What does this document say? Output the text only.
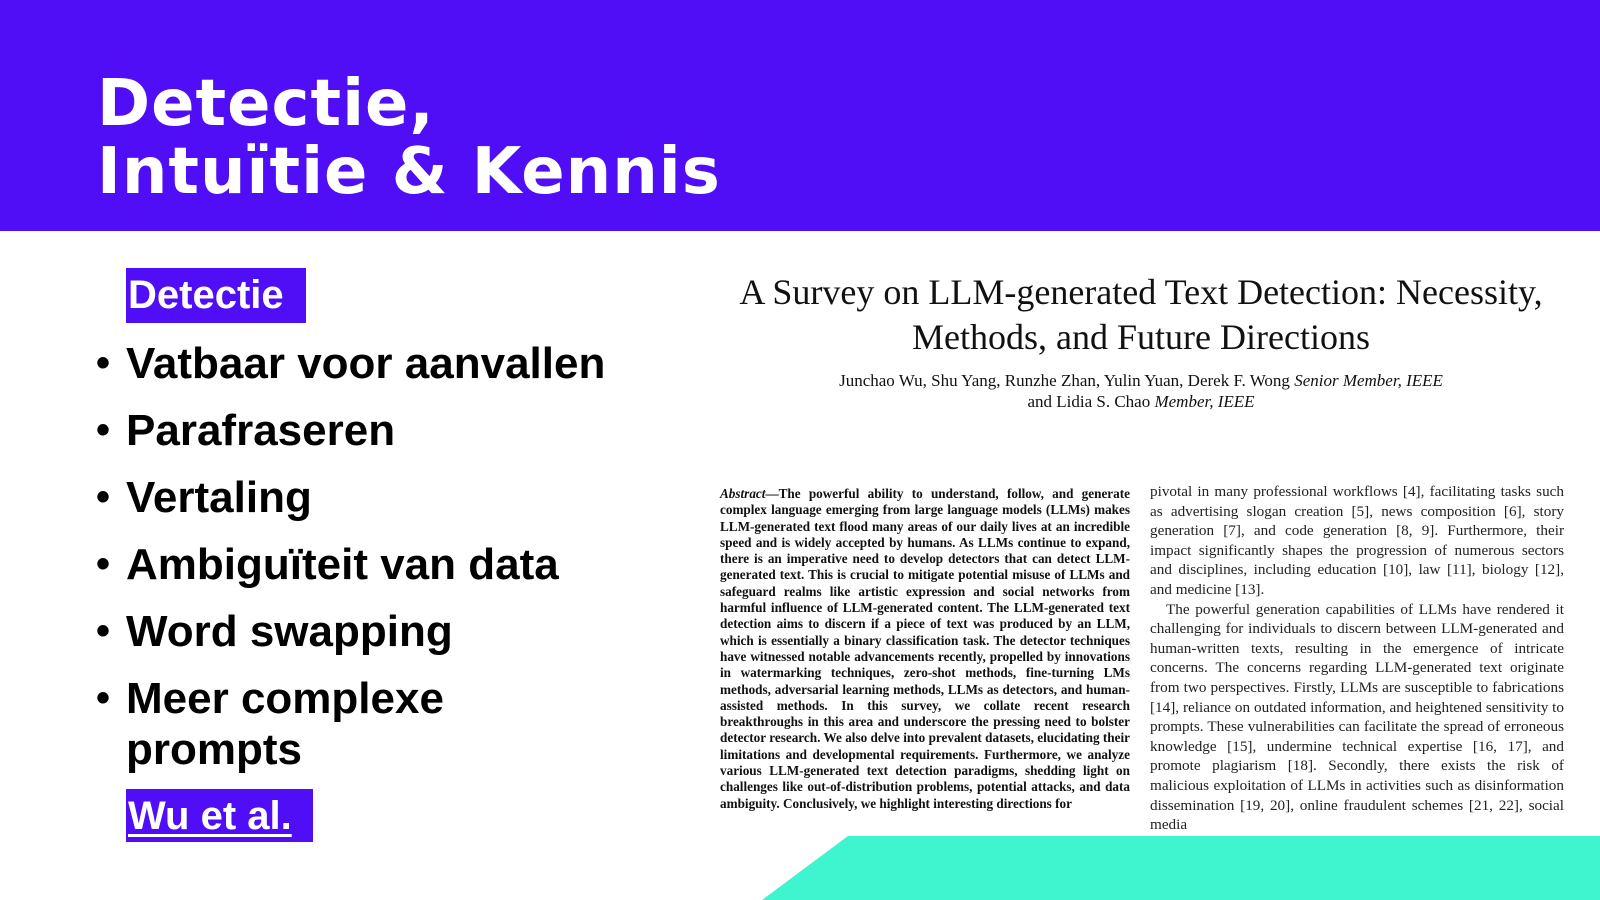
Detectie,
Intuïtie & Kennis
Detectie
• Vatbaar voor aanvallen
• Parafraseren
• Vertaling
• Ambiguïteit van data
• Word swapping
• Meer complexe prompts
Wu et al.
A Survey on LLM-generated Text Detection: Necessity, Methods, and Future Directions
Junchao Wu, Shu Yang, Runzhe Zhan, Yulin Yuan, Derek F. Wong Senior Member, IEEE
and Lidia S. Chao Member, IEEE
Abstract—The powerful ability to understand, follow, and generate complex language emerging from large language models (LLMs) makes LLM-generated text flood many areas of our daily lives at an incredible speed and is widely accepted by humans. As LLMs continue to expand, there is an imperative need to develop detectors that can detect LLM-generated text. This is crucial to mitigate potential misuse of LLMs and safeguard realms like artistic expression and social networks from harmful influence of LLM-generated content. The LLM-generated text detection aims to discern if a piece of text was produced by an LLM, which is essentially a binary classification task. The detector techniques have witnessed notable advancements recently, propelled by innovations in watermarking techniques, zero-shot methods, fine-turning LMs methods, adversarial learning methods, LLMs as detectors, and human-assisted methods. In this survey, we collate recent research breakthroughs in this area and underscore the pressing need to bolster detector research. We also delve into prevalent datasets, elucidating their limitations and developmental requirements. Furthermore, we analyze various LLM-generated text detection paradigms, shedding light on challenges like out-of-distribution problems, potential attacks, and data ambiguity. Conclusively, we highlight interesting directions for

pivotal in many professional workflows [4], facilitating tasks such as advertising slogan creation [5], news composition [6], story generation [7], and code generation [8, 9]. Furthermore, their impact significantly shapes the progression of numerous sectors and disciplines, including education [10], law [11], biology [12], and medicine [13].

The powerful generation capabilities of LLMs have rendered it challenging for individuals to discern between LLM-generated and human-written texts, resulting in the emergence of intricate concerns. The concerns regarding LLM-generated text originate from two perspectives. Firstly, LLMs are susceptible to fabrications [14], reliance on outdated information, and heightened sensitivity to prompts. These vulnerabilities can facilitate the spread of erroneous knowledge [15], undermine technical expertise [16, 17], and promote plagiarism [18]. Secondly, there exists the risk of malicious exploitation of LLMs in activities such as disinformation dissemination [19, 20], online fraudulent schemes [21, 22], social media
